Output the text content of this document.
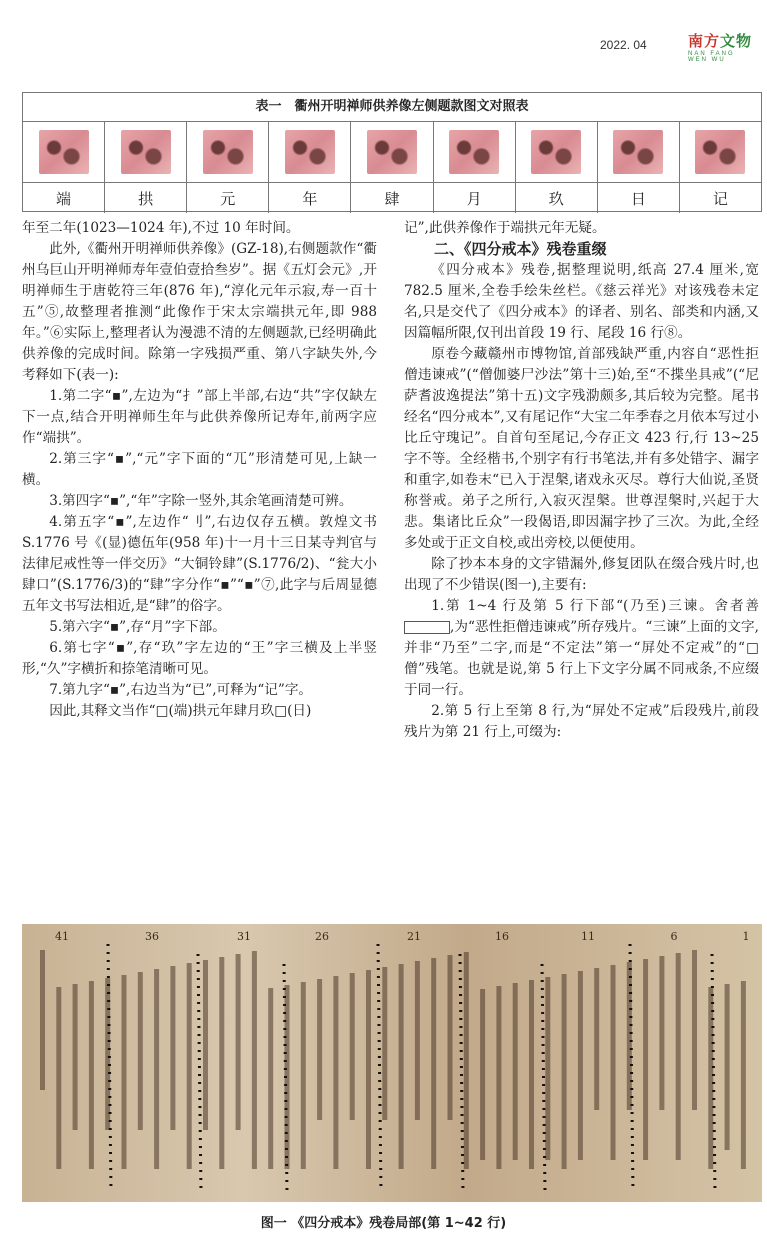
2022. 04	南方文物
NAN FANG WEN WU
表一　衢州开明禅师供养像左侧题款图文对照表
端	拱	元	年	肆	月	玖	日	记

年至二年(1023—1024 年),不过 10 年时间。

此外,《衢州开明禅师供养像》(GZ-18),右侧题款作“衢州乌巨山开明禅师寿年壹伯壹拾叁岁”。据《五灯会元》,开明禅师生于唐乾符三年(876 年),“淳化元年示寂,寿一百十五”⑤,故整理者推测“此像作于宋太宗端拱元年,即 988 年。”⑥实际上,整理者认为漫漶不清的左侧题款,已经明确此供养像的完成时间。除第一字残损严重、第八字缺失外,今考释如下(表一):

1.第二字“▪”,左边为“扌”部上半部,右边“共”字仅缺左下一点,结合开明禅师生年与此供养像所记寿年,前两字应作“端拱”。

2.第三字“▪”,“元”字下面的“兀”形清楚可见,上缺一横。

3.第四字“▪”,“年”字除一竖外,其余笔画清楚可辨。

4.第五字“▪”,左边作“刂”,右边仅存五横。敦煌文书 S.1776 号《(显)德伍年(958 年)十一月十三日某寺判官与法律尼戒性等一伴交历》“大铜铃肆”(S.1776/2)、“瓮大小肆口”(S.1776/3)的“肆”字分作“▪”“▪”⑦,此字与后周显德五年文书写法相近,是“肆”的俗字。

5.第六字“▪”,存“月”字下部。

6.第七字“▪”,存“玖”字左边的“王”字三横及上半竖形,“久”字横折和捺笔清晰可见。

7.第九字“▪”,右边当为“已”,可释为“记”字。

因此,其释文当作“□(端)拱元年肆月玖□(日)

记”,此供养像作于端拱元年无疑。

二、《四分戒本》残卷重缀

《四分戒本》残卷,据整理说明,纸高 27.4 厘米,宽 782.5 厘米,全卷手绘朱丝栏。《慈云祥光》对该残卷未定名,只是交代了《四分戒本》的译者、别名、部类和内涵,又因篇幅所限,仅刊出首段 19 行、尾段 16 行⑧。

原卷今藏赣州市博物馆,首部残缺严重,内容自“恶性拒僧违谏戒”(“僧伽婆尸沙法”第十三)始,至“不揲坐具戒”(“尼萨耆波逸提法”第十五)文字残泐颇多,其后较为完整。尾书经名“四分戒本”,又有尾记作“大宝二年季春之月依本写过小比丘守瑰记”。自首句至尾记,今存正文 423 行,行 13~25 字不等。全经楷书,个别字有行书笔法,并有多处错字、漏字和重字,如卷末“已入于涅槃,诸戏永灭尽。尊行大仙说,圣贤称誉戒。弟子之所行,入寂灭涅槃。世尊涅槃时,兴起于大悲。集诸比丘众”一段偈语,即因漏字抄了三次。为此,全经多处或于正文自校,或出旁校,以便使用。

除了抄本本身的文字错漏外,修复团队在缀合残片时,也出现了不少错误(图一),主要有:

1.第 1~4 行及第 5 行下部“(乃至)三谏。舍者善,为“恶性拒僧违谏戒”所存残片。“三谏”上面的文字,并非“乃至”二字,而是“不定法”第一“屏处不定戒”的“□僧”残笔。也就是说,第 5 行上下文字分属不同戒条,不应缀于同一行。

2.第 5 行上至第 8 行,为“屏处不定戒”后段残片,前段残片为第 21 行上,可缀为:

41	36	31	26	21	16	11	6	1
图一 《四分戒本》残卷局部(第 1~42 行)
